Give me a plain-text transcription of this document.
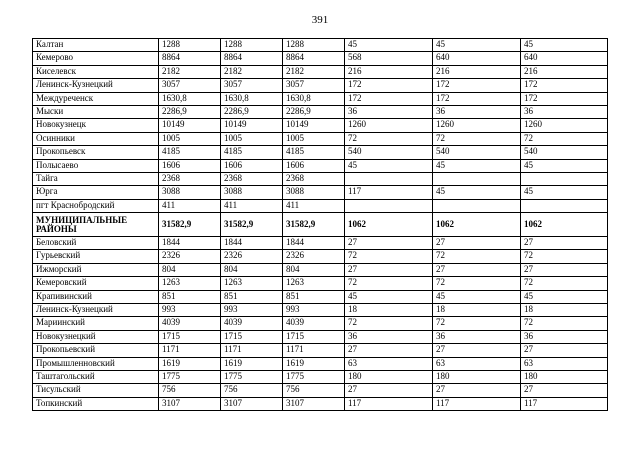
391
Калтан	1288	1288	1288	45	45	45
Кемерово	8864	8864	8864	568	640	640
Киселевск	2182	2182	2182	216	216	216
Ленинск-Кузнецкий	3057	3057	3057	172	172	172
Междуреченск	1630,8	1630,8	1630,8	172	172	172
Мыски	2286,9	2286,9	2286,9	36	36	36
Новокузнецк	10149	10149	10149	1260	1260	1260
Осинники	1005	1005	1005	72	72	72
Прокопьевск	4185	4185	4185	540	540	540
Полысаево	1606	1606	1606	45	45	45
Тайга	2368	2368	2368			
Юрга	3088	3088	3088	117	45	45
пгт Краснобродский	411	411	411			
МУНИЦИПАЛЬНЫЕ РАЙОНЫ	31582,9	31582,9	31582,9	1062	1062	1062
Беловский	1844	1844	1844	27	27	27
Гурьевский	2326	2326	2326	72	72	72
Ижморский	804	804	804	27	27	27
Кемеровский	1263	1263	1263	72	72	72
Крапивинский	851	851	851	45	45	45
Ленинск-Кузнецкий	993	993	993	18	18	18
Мариинский	4039	4039	4039	72	72	72
Новокузнецкий	1715	1715	1715	36	36	36
Прокопьевский	1171	1171	1171	27	27	27
Промышленновский	1619	1619	1619	63	63	63
Таштагольский	1775	1775	1775	180	180	180
Тисульский	756	756	756	27	27	27
Топкинский	3107	3107	3107	117	117	117
